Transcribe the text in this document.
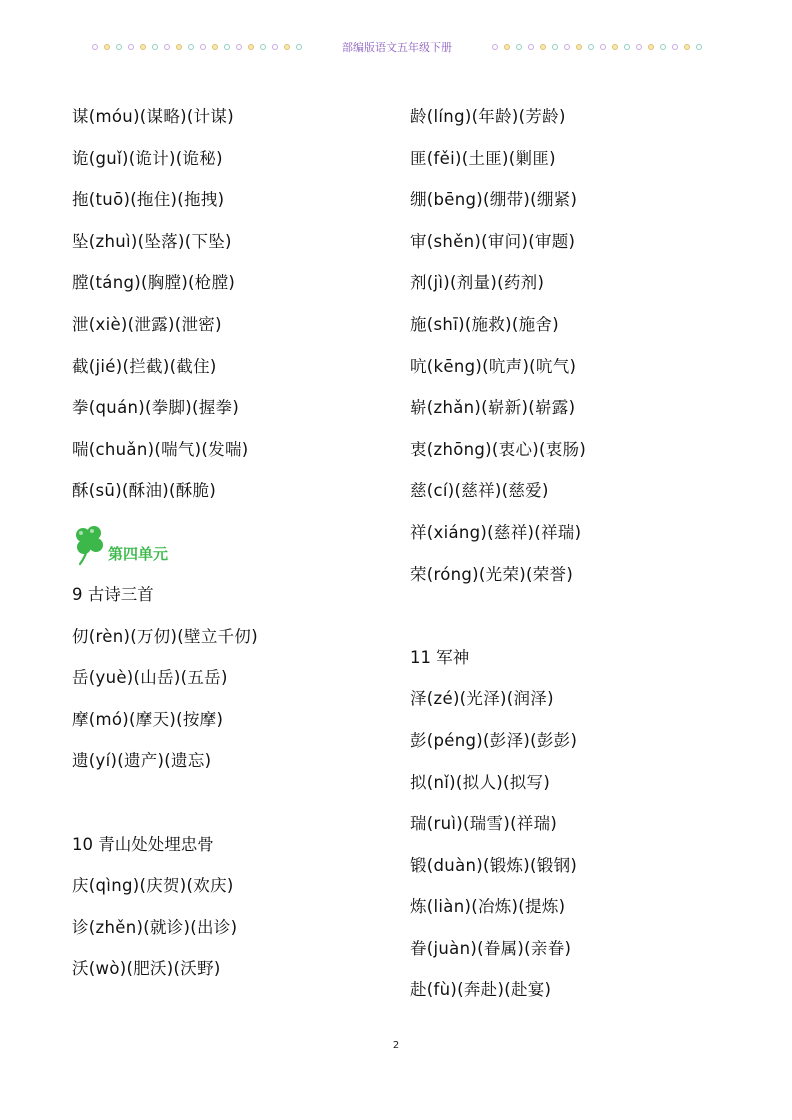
部编版语文五年级下册
谋(móu)(谋略)(计谋)
诡(guǐ)(诡计)(诡秘)
拖(tuō)(拖住)(拖拽)
坠(zhuì)(坠落)(下坠)
膛(táng)(胸膛)(枪膛)
泄(xiè)(泄露)(泄密)
截(jié)(拦截)(截住)
拳(quán)(拳脚)(握拳)
喘(chuǎn)(喘气)(发喘)
酥(sū)(酥油)(酥脆)
第四单元
9 古诗三首
仞(rèn)(万仞)(壁立千仞)
岳(yuè)(山岳)(五岳)
摩(mó)(摩天)(按摩)
遗(yí)(遗产)(遗忘)
10 青山处处埋忠骨
庆(qìng)(庆贺)(欢庆)
诊(zhěn)(就诊)(出诊)
沃(wò)(肥沃)(沃野)
龄(líng)(年龄)(芳龄)
匪(fěi)(土匪)(剿匪)
绷(bēng)(绷带)(绷紧)
审(shěn)(审问)(审题)
剂(jì)(剂量)(药剂)
施(shī)(施救)(施舍)
吭(kēng)(吭声)(吭气)
崭(zhǎn)(崭新)(崭露)
衷(zhōng)(衷心)(衷肠)
慈(cí)(慈祥)(慈爱)
祥(xiáng)(慈祥)(祥瑞)
荣(róng)(光荣)(荣誉)
11 军神
泽(zé)(光泽)(润泽)
彭(péng)(彭泽)(彭彭)
拟(nǐ)(拟人)(拟写)
瑞(ruì)(瑞雪)(祥瑞)
锻(duàn)(锻炼)(锻钢)
炼(liàn)(冶炼)(提炼)
眷(juàn)(眷属)(亲眷)
赴(fù)(奔赴)(赴宴)
2
